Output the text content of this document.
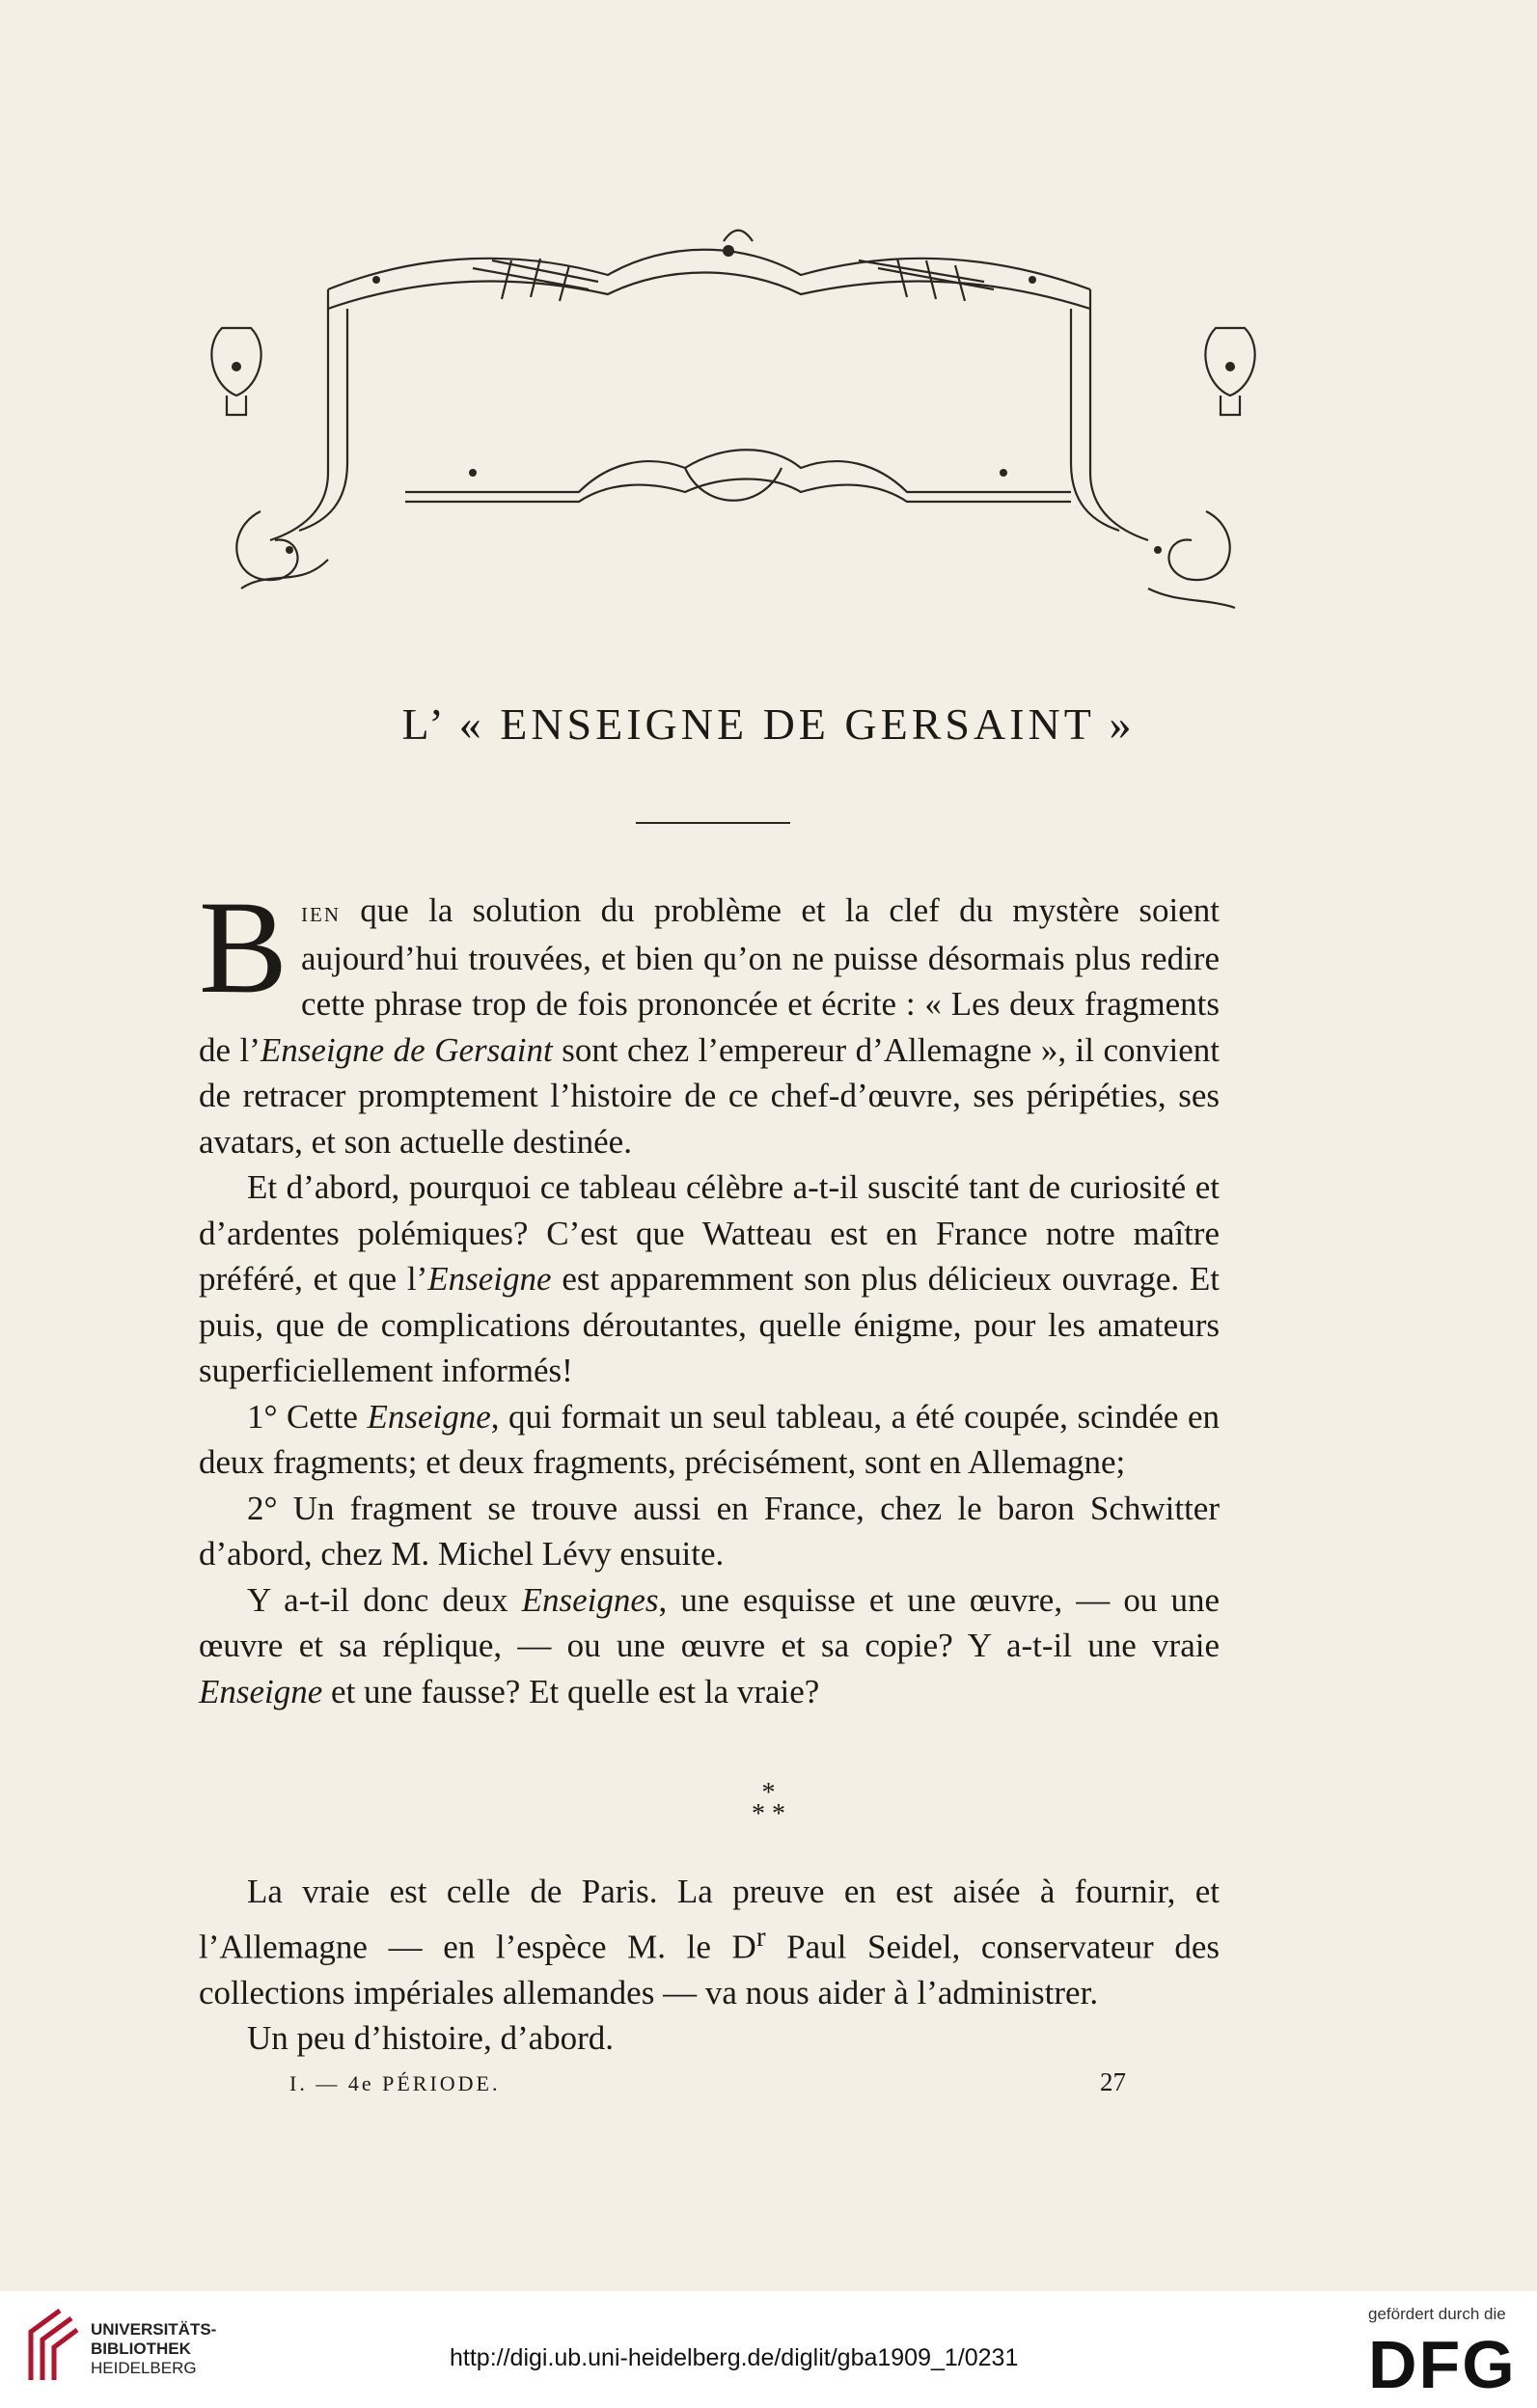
L’ « ENSEIGNE DE GERSAINT »

Bien que la solution du problème et la clef du mystère soient aujourd’hui trouvées, et bien qu’on ne puisse désormais plus redire cette phrase trop de fois prononcée et écrite : « Les deux fragments de l’Enseigne de Gersaint sont chez l’empereur d’Allemagne », il convient de retracer promptement l’histoire de ce chef-d’œuvre, ses péripéties, ses avatars, et son actuelle destinée.

Et d’abord, pourquoi ce tableau célèbre a-t-il suscité tant de curiosité et d’ardentes polémiques? C’est que Watteau est en France notre maître préféré, et que l’Enseigne est apparemment son plus délicieux ouvrage. Et puis, que de complications déroutantes, quelle énigme, pour les amateurs superficiellement informés!

1° Cette Enseigne, qui formait un seul tableau, a été coupée, scindée en deux fragments; et deux fragments, précisément, sont en Allemagne;

2° Un fragment se trouve aussi en France, chez le baron Schwitter d’abord, chez M. Michel Lévy ensuite.

Y a-t-il donc deux Enseignes, une esquisse et une œuvre, — ou une œuvre et sa réplique, — ou une œuvre et sa copie? Y a-t-il une vraie Enseigne et une fausse? Et quelle est la vraie?

*
* *

La vraie est celle de Paris. La preuve en est aisée à fournir, et l’Allemagne — en l’espèce M. le $D^r$ Paul Seidel, conservateur des collections impériales allemandes — va nous aider à l’administrer.

Un peu d’histoire, d’abord.

I. — 4e PÉRIODE.	27
UNIVERSITÄTS-
BIBLIOTHEK
HEIDELBERG	http://digi.ub.uni-heidelberg.de/diglit/gba1909_1/0231
gefördert durch die
DFG
